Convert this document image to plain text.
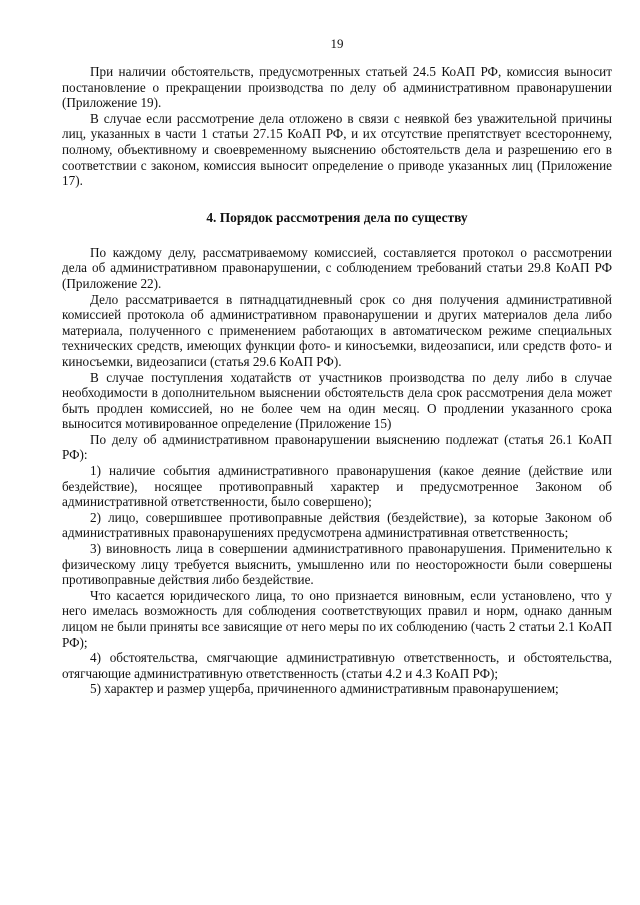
19

При наличии обстоятельств, предусмотренных статьей 24.5 КоАП РФ, комиссия выносит постановление о прекращении производства по делу об административном правонарушении (Приложение 19).

В случае если рассмотрение дела отложено в связи с неявкой без уважительной причины лиц, указанных в части 1 статьи 27.15 КоАП РФ, и их отсутствие препятствует всестороннему, полному, объективному и своевременному выяснению обстоятельств дела и разрешению его в соответствии с законом, комиссия выносит определение о приводе указанных лиц (Приложение 17).

4. Порядок рассмотрения дела по существу

По каждому делу, рассматриваемому комиссией, составляется протокол о рассмотрении дела об административном правонарушении, с соблюдением требований статьи 29.8 КоАП РФ (Приложение 22).

Дело рассматривается в пятнадцатидневный срок со дня получения административной комиссией протокола об административном правонарушении и других материалов дела либо материала, полученного с применением работающих в автоматическом режиме специальных технических средств, имеющих функции фото- и киносъемки, видеозаписи, или средств фото- и киносъемки, видеозаписи (статья 29.6 КоАП РФ).

В случае поступления ходатайств от участников производства по делу либо в случае необходимости в дополнительном выяснении обстоятельств дела срок рассмотрения дела может быть продлен комиссией, но не более чем на один месяц. О продлении указанного срока выносится мотивированное определение (Приложение 15)

По делу об административном правонарушении выяснению подлежат (статья 26.1 КоАП РФ):

1) наличие события административного правонарушения (какое деяние (действие или бездействие), носящее противоправный характер и предусмотренное Законом об административной ответственности, было совершено);

2) лицо, совершившее противоправные действия (бездействие), за которые Законом об административных правонарушениях предусмотрена административная ответственность;

3) виновность лица в совершении административного правонарушения. Применительно к физическому лицу требуется выяснить, умышленно или по неосторожности были совершены противоправные действия либо бездействие.

Что касается юридического лица, то оно признается виновным, если установлено, что у него имелась возможность для соблюдения соответствующих правил и норм, однако данным лицом не были приняты все зависящие от него меры по их соблюдению (часть 2 статьи 2.1 КоАП РФ);

4) обстоятельства, смягчающие административную ответственность, и обстоятельства, отягчающие административную ответственность (статьи 4.2 и 4.3 КоАП РФ);

5) характер и размер ущерба, причиненного административным правонарушением;
